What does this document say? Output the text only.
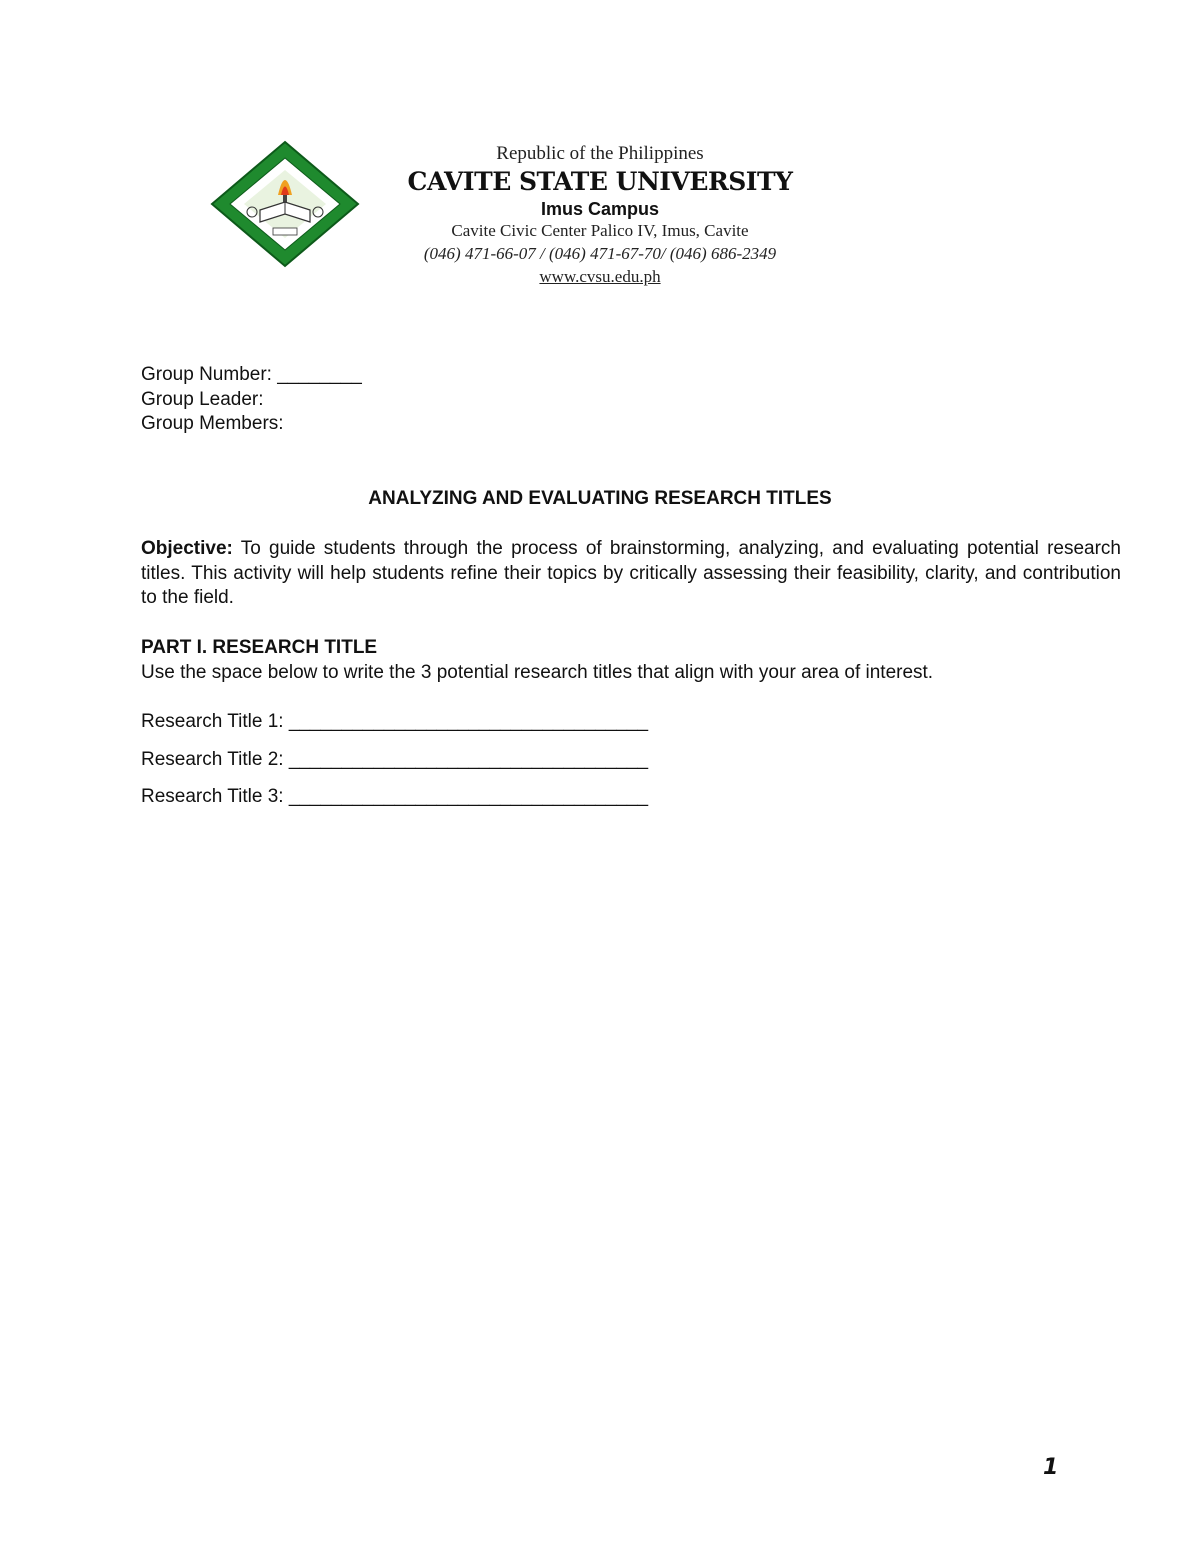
Republic of the Philippines
CAVITE STATE UNIVERSITY
Imus Campus
Cavite Civic Center Palico IV, Imus, Cavite
(046) 471-66-07 / (046) 471-67-70/ (046) 686-2349
www.cvsu.edu.ph
Group Number: ________
Group Leader:
Group Members:
ANALYZING AND EVALUATING RESEARCH TITLES
Objective: To guide students through the process of brainstorming, analyzing, and evaluating potential research titles. This activity will help students refine their topics by critically assessing their feasibility, clarity, and contribution to the field.
PART I. RESEARCH TITLE
Use the space below to write the 3 potential research titles that align with your area of interest.
Research Title 1: __________________________________
Research Title 2: __________________________________
Research Title 3: __________________________________
1
